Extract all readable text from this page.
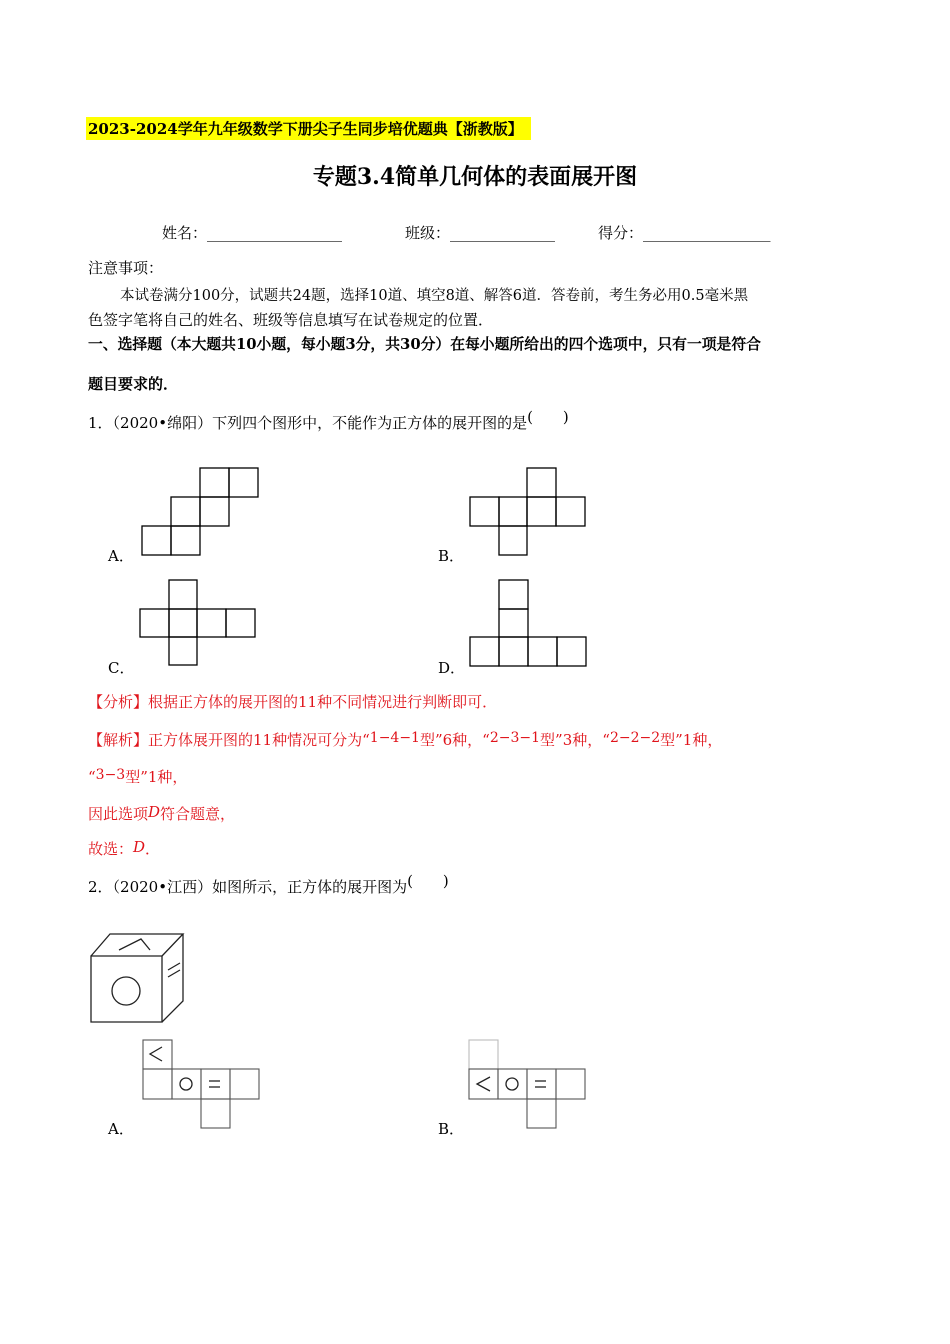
2023-2024学年九年级数学下册尖子生同步培优题典【浙教版】
专题3.4简单几何体的表面展开图
姓名：__________________	班级：______________	得分：_________________
注意事项：
本试卷满分100分，试题共24题，选择10道、填空8道、解答6道．答卷前，考生务必用0.5毫米黑
色签字笔将自己的姓名、班级等信息填写在试卷规定的位置．
一、选择题（本大题共10小题，每小题3分，共30分）在每小题所给出的四个选项中，只有一项是符合
题目要求的．
1．（2020•绵阳）下列四个图形中，不能作为正方体的展开图的是(　　)
A．	B．
C．	D．
【分析】根据正方体的展开图的11种不同情况进行判断即可．
【解析】正方体展开图的11种情况可分为“1−4−1型”6种，“2−3−1型”3种，“2−2−2型”1种，
“3−3型”1种，
因此选项D符合题意，
故选：D．
2．（2020•江西）如图所示，正方体的展开图为(　　)
A．	B．
